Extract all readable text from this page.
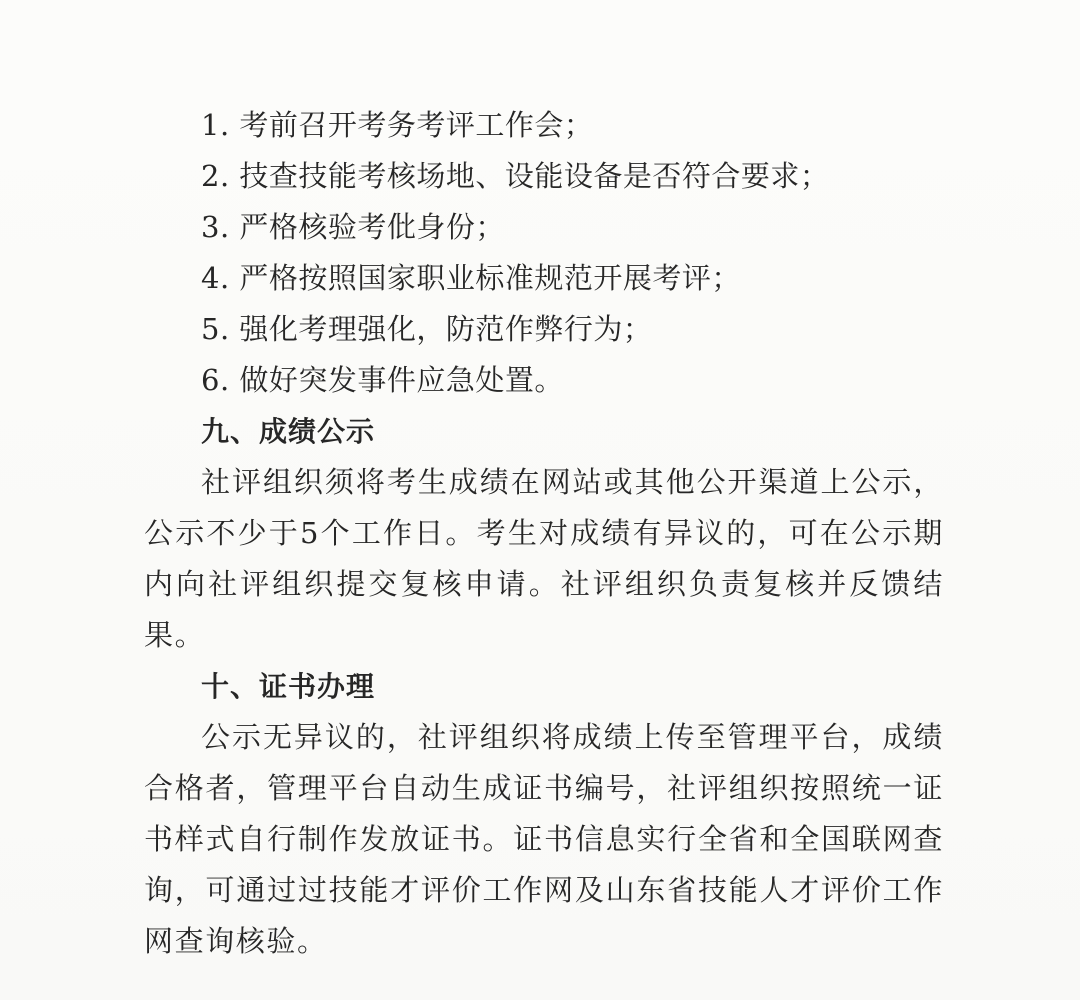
1. 考前召开考务考评工作会；
2. 技查技能考核场地、设能设备是否符合要求；
3. 严格核验考仳身份；
4. 严格按照国家职业标准规范开展考评；
5. 强化考理强化，防范作弊行为；
6. 做好突发事件应急处置。
九、成绩公示

社评组织须将考生成绩在网站或其他公开渠道上公示，公示不少于5个工作日。考生对成绩有异议的，可在公示期内向社评组织提交复核申请。社评组织负责复核并反馈结果。

十、证书办理

公示无异议的，社评组织将成绩上传至管理平台，成绩合格者，管理平台自动生成证书编号，社评组织按照统一证书样式自行制作发放证书。证书信息实行全省和全国联网查询，可通过过技能才评价工作网及山东省技能人才评价工作网查询核验。
